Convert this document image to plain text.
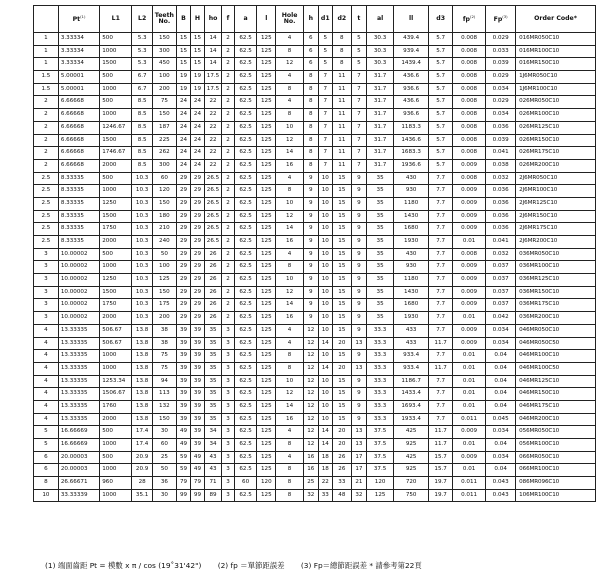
	Pt$^{(1)}$	L1	L2	Teeth No.	B	H	ho	f	a	l	Hole No.	h	d1	d2	t	al	ll	d3	$fp^{(2)}$	Fp$^{(3)}$	Order Code*
1	3.33334	500	5.3	150	15	15	14	2	62.5	125	4	6	5	8	5	30.3	439.4	5.7	0.008	0.029	016MR050C10
1	3.33334	1000	5.3	300	15	15	14	2	62.5	125	8	6	5	8	5	30.3	939.4	5.7	0.008	0.033	016MR100C10
1	3.33334	1500	5.3	450	15	15	14	2	62.5	125	12	6	5	8	5	30.3	1439.4	5.7	0.008	0.039	016MR150C10
1.5	5.00001	500	6.7	100	19	19	17.5	2	62.5	125	4	8	7	11	7	31.7	436.6	5.7	0.008	0.029	1J6MR050C10
1.5	5.00001	1000	6.7	200	19	19	17.5	2	62.5	125	8	8	7	11	7	31.7	936.6	5.7	0.008	0.034	1J6MR100C10
2	6.66668	500	8.5	75	24	24	22	2	62.5	125	4	8	7	11	7	31.7	436.6	5.7	0.008	0.029	026MR050C10
2	6.66668	1000	8.5	150	24	24	22	2	62.5	125	8	8	7	11	7	31.7	936.6	5.7	0.008	0.034	026MR100C10
2	6.66668	1246.67	8.5	187	24	24	22	2	62.5	125	10	8	7	11	7	31.7	1183.3	5.7	0.008	0.036	026MR125C10
2	6.66668	1500	8.5	225	24	24	22	2	62.5	125	12	8	7	11	7	31.7	1436.6	5.7	0.008	0.039	026MR150C10
2	6.66668	1746.67	8.5	262	24	24	22	2	62.5	125	14	8	7	11	7	31.7	1683.3	5.7	0.008	0.041	026MR175C10
2	6.66668	2000	8.5	300	24	24	22	2	62.5	125	16	8	7	11	7	31.7	1936.6	5.7	0.009	0.038	026MR200C10
2.5	8.33335	500	10.3	60	29	29	26.5	2	62.5	125	4	9	10	15	9	35	430	7.7	0.008	0.032	2J6MR050C10
2.5	8.33335	1000	10.3	120	29	29	26.5	2	62.5	125	8	9	10	15	9	35	930	7.7	0.009	0.036	2J6MR100C10
2.5	8.33335	1250	10.3	150	29	29	26.5	2	62.5	125	10	9	10	15	9	35	1180	7.7	0.009	0.036	2J6MR125C10
2.5	8.33335	1500	10.3	180	29	29	26.5	2	62.5	125	12	9	10	15	9	35	1430	7.7	0.009	0.036	2J6MR150C10
2.5	8.33335	1750	10.3	210	29	29	26.5	2	62.5	125	14	9	10	15	9	35	1680	7.7	0.009	0.036	2J6MR175C10
2.5	8.33335	2000	10.3	240	29	29	26.5	2	62.5	125	16	9	10	15	9	35	1930	7.7	0.01	0.041	2J6MR200C10
3	10.00002	500	10.3	50	29	29	26	2	62.5	125	4	9	10	15	9	35	430	7.7	0.008	0.032	036MR050C10
3	10.00002	1000	10.3	100	29	29	26	2	62.5	125	8	9	10	15	9	35	930	7.7	0.009	0.037	036MR100C10
3	10.00002	1250	10.3	125	29	29	26	2	62.5	125	10	9	10	15	9	35	1180	7.7	0.009	0.037	036MR125C10
3	10.00002	1500	10.3	150	29	29	26	2	62.5	125	12	9	10	15	9	35	1430	7.7	0.009	0.037	036MR150C10
3	10.00002	1750	10.3	175	29	29	26	2	62.5	125	14	9	10	15	9	35	1680	7.7	0.009	0.037	036MR175C10
3	10.00002	2000	10.3	200	29	29	26	2	62.5	125	16	9	10	15	9	35	1930	7.7	0.01	0.042	036MR200C10
4	13.33335	506.67	13.8	38	39	39	35	3	62.5	125	4	12	10	15	9	33.3	433	7.7	0.009	0.034	046MR050C10
4	13.33335	506.67	13.8	38	39	39	35	3	62.5	125	4	12	14	20	13	33.3	433	11.7	0.009	0.034	046MR050C50
4	13.33335	1000	13.8	75	39	39	35	3	62.5	125	8	12	10	15	9	33.3	933.4	7.7	0.01	0.04	046MR100C10
4	13.33335	1000	13.8	75	39	39	35	3	62.5	125	8	12	14	20	13	33.3	933.4	11.7	0.01	0.04	046MR100C50
4	13.33335	1253.34	13.8	94	39	39	35	3	62.5	125	10	12	10	15	9	33.3	1186.7	7.7	0.01	0.04	046MR125C10
4	13.33335	1506.67	13.8	113	39	39	35	3	62.5	125	12	12	10	15	9	33.3	1433.4	7.7	0.01	0.04	046MR150C10
4	13.33335	1760	13.8	132	39	39	35	3	62.5	125	14	12	10	15	9	33.3	1693.4	7.7	0.01	0.04	046MR175C10
4	13.33335	2000	13.8	150	39	39	35	3	62.5	125	16	12	10	15	9	33.3	1933.4	7.7	0.011	0.045	046MR200C10
5	16.66669	500	17.4	30	49	39	34	3	62.5	125	4	12	14	20	13	37.5	425	11.7	0.009	0.034	056MR050C10
5	16.66669	1000	17.4	60	49	39	34	3	62.5	125	8	12	14	20	13	37.5	925	11.7	0.01	0.04	056MR100C10
6	20.00003	500	20.9	25	59	49	43	3	62.5	125	4	16	18	26	17	37.5	425	15.7	0.009	0.034	066MR050C10
6	20.00003	1000	20.9	50	59	49	43	3	62.5	125	8	16	18	26	17	37.5	925	15.7	0.01	0.04	066MR100C10
8	26.66671	960	28	36	79	79	71	3	60	120	8	25	22	33	21	120	720	19.7	0.011	0.043	086MR096C10
10	33.33339	1000	35.1	30	99	99	89	3	62.5	125	8	32	33	48	32	125	750	19.7	0.011	0.043	106MR100C10
(1) 端面齒距 Pt = 模數 x π / cos (19˚31'42") (2) fp ＝單節距誤差 (3) Fp＝總節距誤差 * 請參考第22頁
